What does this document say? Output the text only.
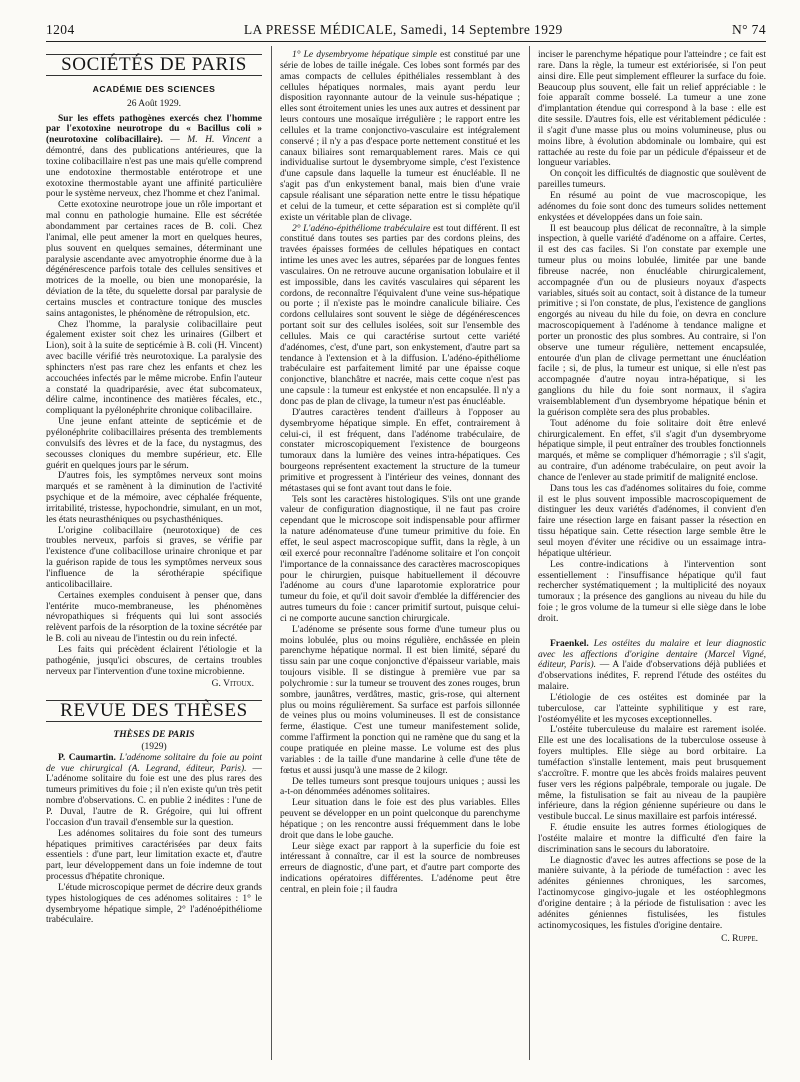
1204	LA PRESSE MÉDICALE, Samedi, 14 Septembre 1929	N° 74
SOCIÉTÉS DE PARIS
ACADÉMIE DES SCIENCES
26 Août 1929.

Sur les effets pathogènes exercés chez l'homme par l'exotoxine neurotrope du « Bacillus coli » (neurotoxine colibacillaire). — M. H. Vincent a démontré, dans des publications antérieures, que la toxine colibacillaire n'est pas une mais qu'elle comprend une endotoxine thermostable entérotrope et une exotoxine thermostable ayant une affinité particulière pour le système nerveux, chez l'homme et chez l'animal.

Cette exotoxine neurotrope joue un rôle important et mal connu en pathologie humaine. Elle est sécrétée abondamment par certaines races de B. coli. Chez l'animal, elle peut amener la mort en quelques heures, plus souvent en quelques semaines, déterminant une paralysie ascendante avec amyotrophie énorme due à la dégénérescence parfois totale des cellules sensitives et motrices de la moelle, ou bien une monoparésie, la déviation de la tête, du squelette dorsal par paralysie de certains muscles et contracture tonique des muscles sains antagonistes, le phénomène de rétropulsion, etc.

Chez l'homme, la paralysie colibacillaire peut également exister soit chez les urinaires (Gilbert et Lion), soit à la suite de septicémie à B. coli (H. Vincent) avec bacille vérifié très neurotoxique. La paralysie des sphincters n'est pas rare chez les enfants et chez les accouchées infectés par le même microbe. Enfin l'auteur a constaté la quadriparésie, avec état subcomateux, délire calme, incontinence des matières fécales, etc., compliquant la pyélonéphrite chronique colibacillaire.

Une jeune enfant atteinte de septicémie et de pyélonéphrite colibacillaires présenta des tremblements convulsifs des lèvres et de la face, du nystagmus, des secousses cloniques du membre supérieur, etc. Elle guérit en quelques jours par le sérum.

D'autres fois, les symptômes nerveux sont moins marqués et se ramènent à la diminution de l'activité psychique et de la mémoire, avec céphalée fréquente, irritabilité, tristesse, hypochondrie, simulant, en un mot, les états neurasthéniques ou psychasthéniques.

L'origine colibacillaire (neurotoxique) de ces troubles nerveux, parfois si graves, se vérifie par l'existence d'une colibacillose urinaire chronique et par la guérison rapide de tous les symptômes nerveux sous l'influence de la sérothérapie spécifique anticolibacillaire.

Certaines exemples conduisent à penser que, dans l'entérite muco-membraneuse, les phénomènes névropathiques si fréquents qui lui sont associés relèvent parfois de la résorption de la toxine sécrétée par le B. coli au niveau de l'intestin ou du rein infecté.

Les faits qui précèdent éclairent l'étiologie et la pathogénie, jusqu'ici obscures, de certains troubles nerveux par l'intervention d'une toxine microbienne.

G. Vitoux.
REVUE DES THÈSES
THÈSES DE PARIS
(1929)

P. Caumartin. L'adénome solitaire du foie au point de vue chirurgical (A. Legrand, éditeur, Paris). — L'adénome solitaire du foie est une des plus rares des tumeurs primitives du foie ; il n'en existe qu'un très petit nombre d'observations. C. en publie 2 inédites : l'une de P. Duval, l'autre de R. Grégoire, qui lui offrent l'occasion d'un travail d'ensemble sur la question.

Les adénomes solitaires du foie sont des tumeurs hépatiques primitives caractérisées par deux faits essentiels : d'une part, leur limitation exacte et, d'autre part, leur développement dans un foie indemne de tout processus d'hépatite chronique.

L'étude microscopique permet de décrire deux grands types histologiques de ces adénomes solitaires : 1° le dysembryome hépatique simple, 2° l'adénoépithéliome trabéculaire.

1° Le dysembryome hépatique simple est constitué par une série de lobes de taille inégale. Ces lobes sont formés par des amas compacts de cellules épithéliales ressemblant à des cellules hépatiques normales, mais ayant perdu leur disposition rayonnante autour de la veinule sus-hépatique ; elles sont étroitement unies les unes aux autres et dessinent par leurs contours une mosaïque irrégulière ; le rapport entre les cellules et la trame conjonctivo-vasculaire est intégralement conservé ; il n'y a pas d'espace porte nettement constitué et les canaux biliaires sont remarquablement rares. Mais ce qui individualise surtout le dysembryome simple, c'est l'existence d'une capsule dans laquelle la tumeur est énucléable. Il ne s'agit pas d'un enkystement banal, mais bien d'une vraie capsule réalisant une séparation nette entre le tissu hépatique et celui de la tumeur, et cette séparation est si complète qu'il existe un véritable plan de clivage.

2° L'adéno-épithéliome trabéculaire est tout différent. Il est constitué dans toutes ses parties par des cordons pleins, des travées épaisses formées de cellules hépatiques en contact intime les unes avec les autres, séparées par de longues fentes vasculaires. On ne retrouve aucune organisation lobulaire et il est impossible, dans les cavités vasculaires qui séparent les cordons, de reconnaître l'équivalent d'une veine sus-hépatique ou porte ; il n'existe pas le moindre canalicule biliaire. Ces cordons cellulaires sont souvent le siège de dégénérescences portant soit sur des cellules isolées, soit sur l'ensemble des cellules. Mais ce qui caractérise surtout cette variété d'adénomes, c'est, d'une part, son enkystement, d'autre part sa tendance à l'extension et à la diffusion. L'adéno-épithéliome trabéculaire est parfaitement limité par une épaisse coque conjonctive, blanchâtre et nacrée, mais cette coque n'est pas une capsule : la tumeur est enkystée et non encapsulée. Il n'y a donc pas de plan de clivage, la tumeur n'est pas énucléable.

D'autres caractères tendent d'ailleurs à l'opposer au dysembryome hépatique simple. En effet, contrairement à celui-ci, il est fréquent, dans l'adénome trabéculaire, de constater microscopiquement l'existence de bourgeons tumoraux dans la lumière des veines intra-hépatiques. Ces bourgeons représentent exactement la structure de la tumeur primitive et progressent à l'intérieur des veines, donnant des métastases qui se font avant tout dans le foie.

Tels sont les caractères histologiques. S'ils ont une grande valeur de configuration diagnostique, il ne faut pas croire cependant que le microscope soit indispensable pour affirmer la nature adénomateuse d'une tumeur primitive du foie. En effet, le seul aspect macroscopique suffit, dans la règle, à un œil exercé pour reconnaître l'adénome solitaire et l'on conçoit l'importance de la connaissance des caractères macroscopiques pour le chirurgien, puisque habituellement il découvre l'adénome au cours d'une laparotomie exploratrice pour tumeur du foie, et qu'il doit savoir d'emblée la différencier des autres tumeurs du foie : cancer primitif surtout, puisque celui-ci ne comporte aucune sanction chirurgicale.

L'adénome se présente sous forme d'une tumeur plus ou moins lobulée, plus ou moins régulière, enchâssée en plein parenchyme hépatique normal. Il est bien limité, séparé du tissu sain par une coque conjonctive d'épaisseur variable, mais toujours visible. Il se distingue à première vue par sa polychromie : sur la tumeur se trouvent des zones rouges, brun sombre, jaunâtres, verdâtres, mastic, gris-rose, qui alternent plus ou moins régulièrement. Sa surface est parfois sillonnée de veines plus ou moins volumineuses. Il est de consistance ferme, élastique. C'est une tumeur manifestement solide, comme l'affirment la ponction qui ne ramène que du sang et la coupe pratiquée en pleine masse. Le volume est des plus variables : de la taille d'une mandarine à celle d'une tête de fœtus et aussi jusqu'à une masse de 2 kilogr.

De telles tumeurs sont presque toujours uniques ; aussi les a-t-on dénommées adénomes solitaires.

Leur situation dans le foie est des plus variables. Elles peuvent se développer en un point quelconque du parenchyme hépatique ; on les rencontre aussi fréquemment dans le lobe droit que dans le lobe gauche.

Leur siège exact par rapport à la superficie du foie est intéressant à connaître, car il est la source de nombreuses erreurs de diagnostic, d'une part, et d'autre part comporte des indications opératoires différentes. L'adénome peut être central, en plein foie ; il faudra

inciser le parenchyme hépatique pour l'atteindre ; ce fait est rare. Dans la règle, la tumeur est extériorisée, si l'on peut ainsi dire. Elle peut simplement effleurer la surface du foie. Beaucoup plus souvent, elle fait un relief appréciable : le foie apparaît comme bosselé. La tumeur a une zone d'implantation étendue qui correspond à la base : elle est dite sessile. D'autres fois, elle est véritablement pédiculée : il s'agit d'une masse plus ou moins volumineuse, plus ou moins libre, à évolution abdominale ou lombaire, qui est rattachée au reste du foie par un pédicule d'épaisseur et de longueur variables.

On conçoit les difficultés de diagnostic que soulèvent de pareilles tumeurs.

En résumé au point de vue macroscopique, les adénomes du foie sont donc des tumeurs solides nettement enkystées et développées dans un foie sain.

Il est beaucoup plus délicat de reconnaître, à la simple inspection, à quelle variété d'adénome on a affaire. Certes, il est des cas faciles. Si l'on constate par exemple une tumeur plus ou moins lobulée, limitée par une bande fibreuse nacrée, non énucléable chirurgicalement, accompagnée d'un ou de plusieurs noyaux d'aspects variables, situés soit au contact, soit à distance de la tumeur primitive ; si l'on constate, de plus, l'existence de ganglions engorgés au niveau du hile du foie, on devra en conclure macroscopiquement à l'adénome à tendance maligne et porter un pronostic des plus sombres. Au contraire, si l'on observe une tumeur régulière, nettement encapsulée, entourée d'un plan de clivage permettant une énucléation facile ; si, de plus, la tumeur est unique, si elle n'est pas accompagnée d'autre noyau intra-hépatique, si les ganglions du hile du foie sont normaux, il s'agira vraisemblablement d'un dysembryome hépatique bénin et la guérison complète sera des plus probables.

Tout adénome du foie solitaire doit être enlevé chirurgicalement. En effet, s'il s'agit d'un dysembryome hépatique simple, il peut entraîner des troubles fonctionnels marqués, et même se compliquer d'hémorragie ; s'il s'agit, au contraire, d'un adénome trabéculaire, on peut avoir la chance de l'enlever au stade primitif de malignité enclose.

Dans tous les cas d'adénomes solitaires du foie, comme il est le plus souvent impossible macroscopiquement de distinguer les deux variétés d'adénomes, il convient d'en faire une résection large en faisant passer la résection en tissu hépatique sain. Cette résection large semble être le seul moyen d'éviter une récidive ou un essaimage intra-hépatique ultérieur.

Les contre-indications à l'intervention sont essentiellement : l'insuffisance hépatique qu'il faut rechercher systématiquement ; la multiplicité des noyaux tumoraux ; la présence des ganglions au niveau du hile du foie ; le gros volume de la tumeur si elle siège dans le lobe droit.

Fraenkel. Les ostéites du malaire et leur diagnostic avec les affections d'origine dentaire (Marcel Vigné, éditeur, Paris). — A l'aide d'observations déjà publiées et d'observations inédites, F. reprend l'étude des ostéites du malaire.

L'étiologie de ces ostéites est dominée par la tuberculose, car l'atteinte syphilitique y est rare, l'ostéomyélite et les mycoses exceptionnelles.

L'ostéite tuberculeuse du malaire est rarement isolée. Elle est une des localisations de la tuberculose osseuse à foyers multiples. Elle siège au bord orbitaire. La tuméfaction s'installe lentement, mais peut brusquement s'accroître. F. montre que les abcès froids malaires peuvent fuser vers les régions palpébrale, temporale ou jugale. De même, la fistulisation se fait au niveau de la paupière inférieure, dans la région génienne supérieure ou dans le vestibule buccal. Le sinus maxillaire est parfois intéressé.

F. étudie ensuite les autres formes étiologiques de l'ostéite malaire et montre la difficulté d'en faire la discrimination sans le secours du laboratoire.

Le diagnostic d'avec les autres affections se pose de la manière suivante, à la période de tuméfaction : avec les adénites géniennes chroniques, les sarcomes, l'actinomycose gingivo-jugale et les ostéophlegmons d'origine dentaire ; à la période de fistulisation : avec les adénites géniennes fistulisées, les fistules actinomycosiques, les fistules d'origine dentaire.

C. Ruppe.
